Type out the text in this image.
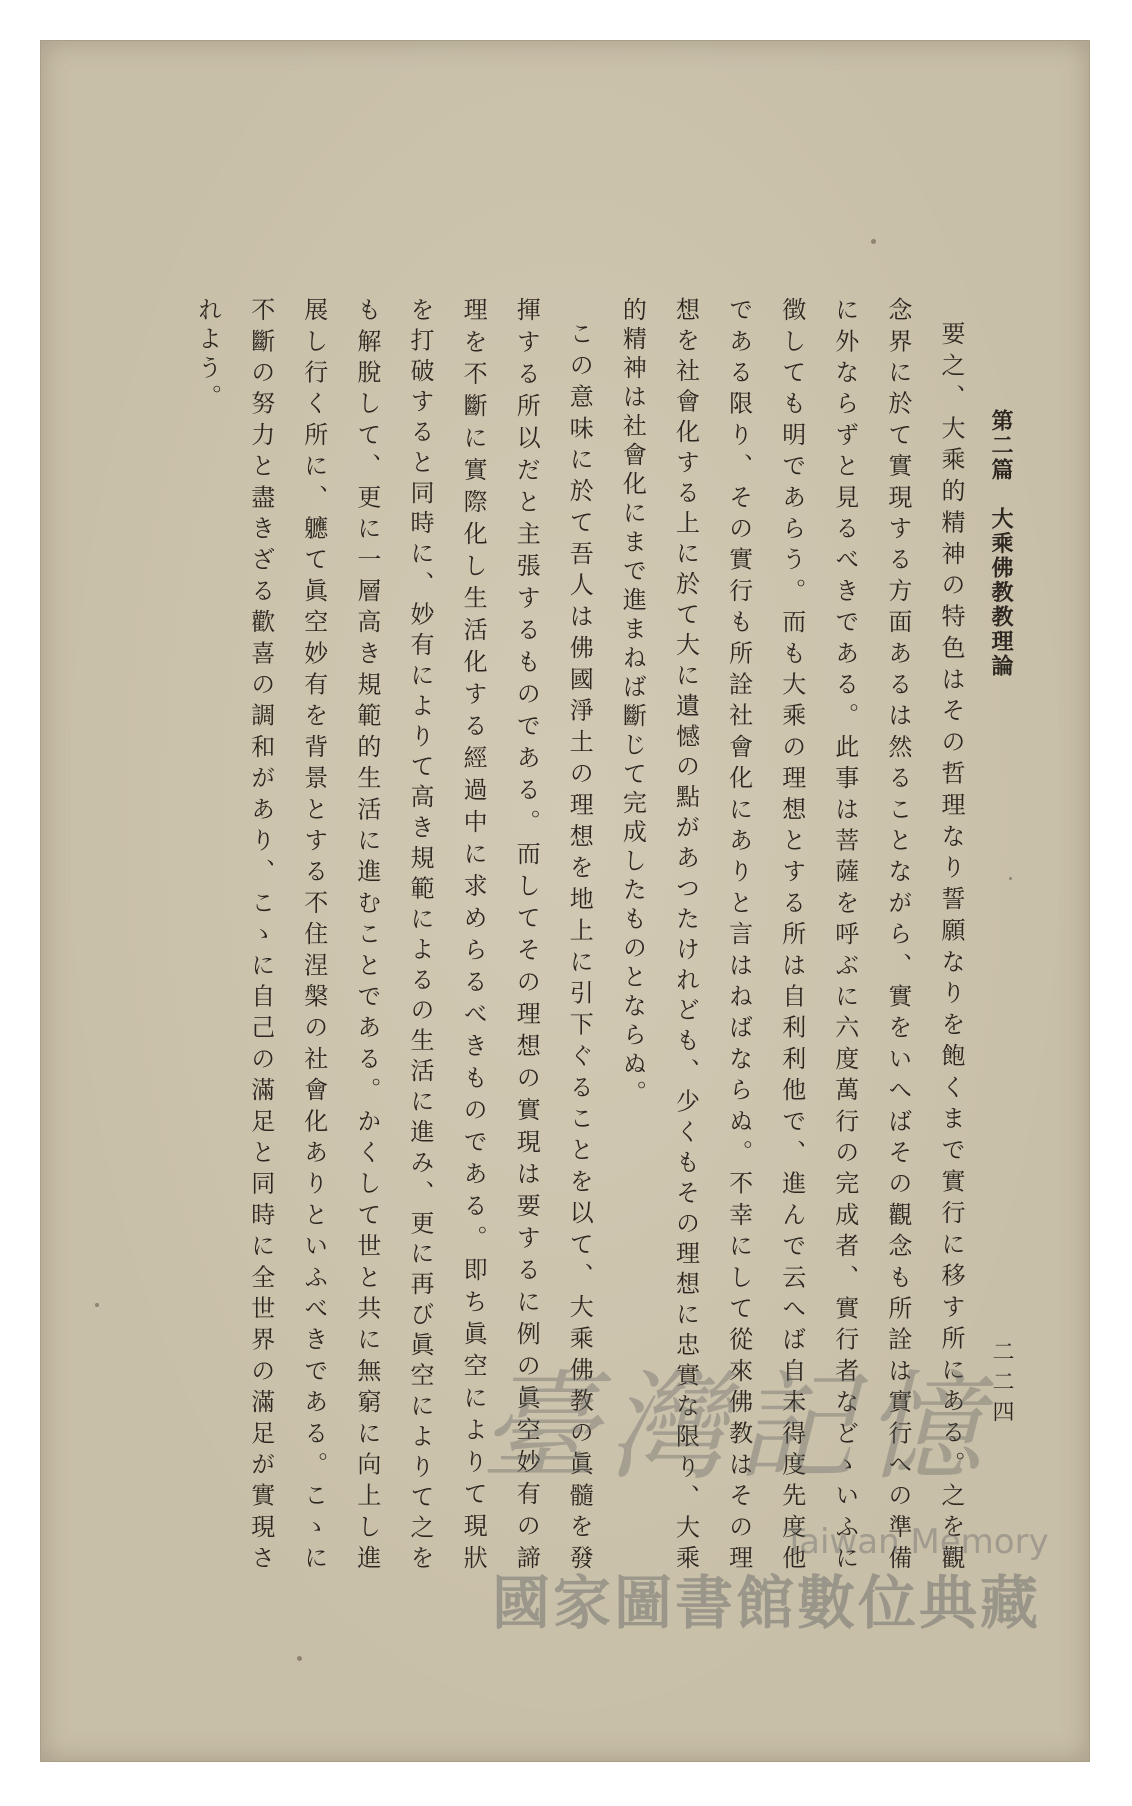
第二篇　大乘佛教教理論
二二四
要之、大乘的精神の特色はその哲理なり誓願なりを飽くまで實行に移す所にある。之を觀
念界に於て實現する方面あるは然ることながら、實をいへばその觀念も所詮は實行への準備
に外ならずと見るべきである。此事は菩薩を呼ぶに六度萬行の完成者、實行者などゝいふに
徴しても明であらう。而も大乘の理想とする所は自利利他で、進んで云へば自未得度先度他
である限り、その實行も所詮社會化にありと言はねばならぬ。不幸にして從來佛教はその理
想を社會化する上に於て大に遺憾の點があつたけれども、少くもその理想に忠實な限り、大乘
的精神は社會化にまで進まねば斷じて完成したものとならぬ。
この意味に於て吾人は佛國淨土の理想を地上に引下ぐることを以て、大乘佛教の眞髓を發
揮する所以だと主張するものである。而してその理想の實現は要するに例の眞空妙有の諦
理を不斷に實際化し生活化する經過中に求めらるべきものである。即ち眞空によりて現狀
を打破すると同時に、妙有によりて高き規範によるの生活に進み、更に再び眞空によりて之を
も解脫して、更に一層高き規範的生活に進むことである。かくして世と共に無窮に向上し進
展し行く所に、軈て眞空妙有を背景とする不住涅槃の社會化ありといふべきである。こゝに
不斷の努力と盡きざる歡喜の調和があり、こゝに自己の滿足と同時に全世界の滿足が實現さ
れよう。
臺灣記憶
Taiwan Memory
國家圖書館數位典藏
